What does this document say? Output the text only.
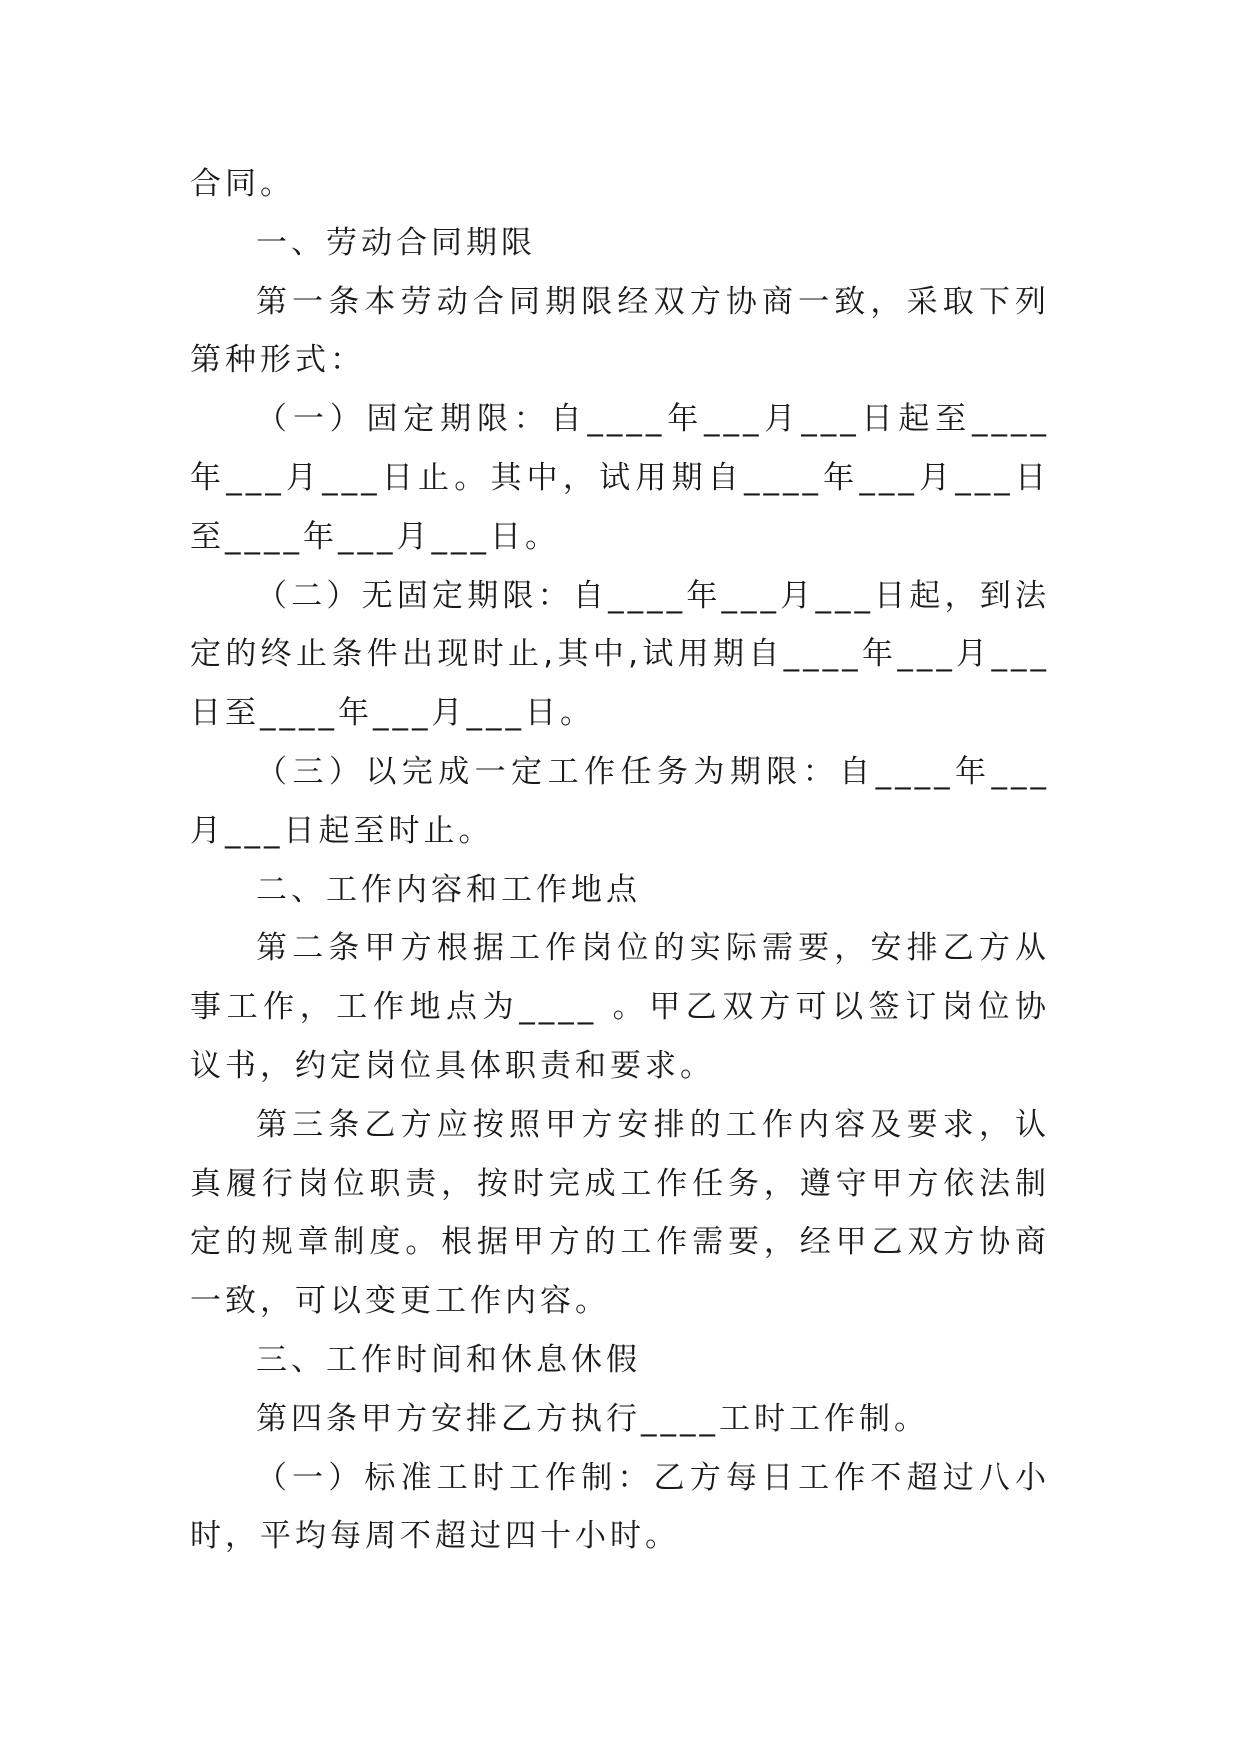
合同。

一、劳动合同期限

第一条本劳动合同期限经双方协商一致，采取下列第种形式：

（一）固定期限：自____年___月___日起至____年___月___日止。其中，试用期自____年___月___日至____年___月___日。

（二）无固定期限：自____年___月___日起，到法定的终止条件出现时止,其中,试用期自____年___月___日至____年___月___日。

（三）以完成一定工作任务为期限：自____年___月___日起至时止。

二、工作内容和工作地点

第二条甲方根据工作岗位的实际需要，安排乙方从事工作，工作地点为____ 。甲乙双方可以签订岗位协议书，约定岗位具体职责和要求。

第三条乙方应按照甲方安排的工作内容及要求，认真履行岗位职责，按时完成工作任务，遵守甲方依法制定的规章制度。根据甲方的工作需要，经甲乙双方协商一致，可以变更工作内容。

三、工作时间和休息休假

第四条甲方安排乙方执行____工时工作制。

（一）标准工时工作制：乙方每日工作不超过八小时，平均每周不超过四十小时。
